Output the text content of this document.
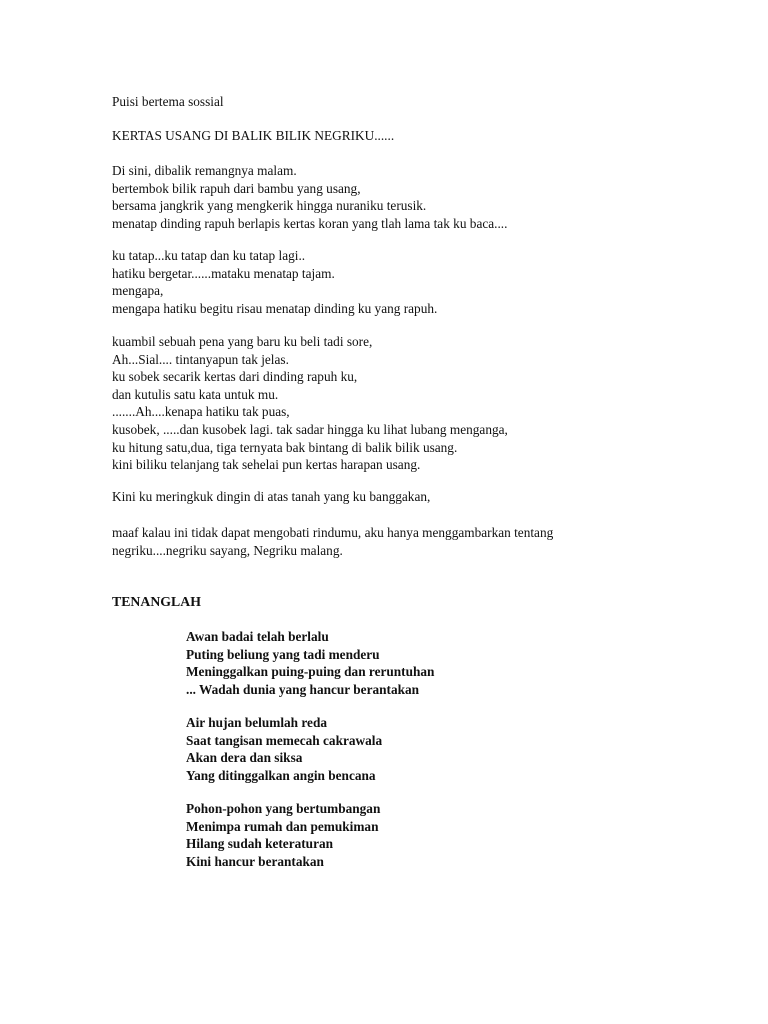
Puisi bertema sossial
KERTAS USANG DI BALIK BILIK NEGRIKU......
Di sini, dibalik remangnya malam.
bertembok bilik rapuh dari bambu yang usang,
bersama jangkrik yang mengkerik hingga nuraniku terusik.
menatap dinding rapuh berlapis kertas koran yang tlah lama tak ku baca....
ku tatap...ku tatap dan ku tatap lagi..
hatiku bergetar......mataku menatap tajam.
mengapa,
mengapa hatiku begitu risau menatap dinding ku yang rapuh.
kuambil sebuah pena yang baru ku beli tadi sore,
Ah...Sial.... tintanyapun tak jelas.
ku sobek secarik kertas dari dinding rapuh ku,
dan kutulis satu kata untuk mu.
.......Ah....kenapa hatiku tak puas,
kusobek, .....dan kusobek lagi. tak sadar hingga ku lihat lubang menganga,
ku hitung satu,dua, tiga ternyata bak bintang di balik bilik usang.
kini biliku telanjang tak sehelai pun kertas harapan usang.
Kini ku meringkuk dingin di atas tanah yang ku banggakan,
maaf kalau ini tidak dapat mengobati rindumu, aku hanya menggambarkan tentang
negriku....negriku sayang, Negriku malang.
TENANGLAH
Awan badai telah berlalu
Puting beliung yang tadi menderu
Meninggalkan puing-puing dan reruntuhan
... Wadah dunia yang hancur berantakan
Air hujan belumlah reda
Saat tangisan memecah cakrawala
Akan dera dan siksa
Yang ditinggalkan angin bencana
Pohon-pohon yang bertumbangan
Menimpa rumah dan pemukiman
Hilang sudah keteraturan
Kini hancur berantakan
